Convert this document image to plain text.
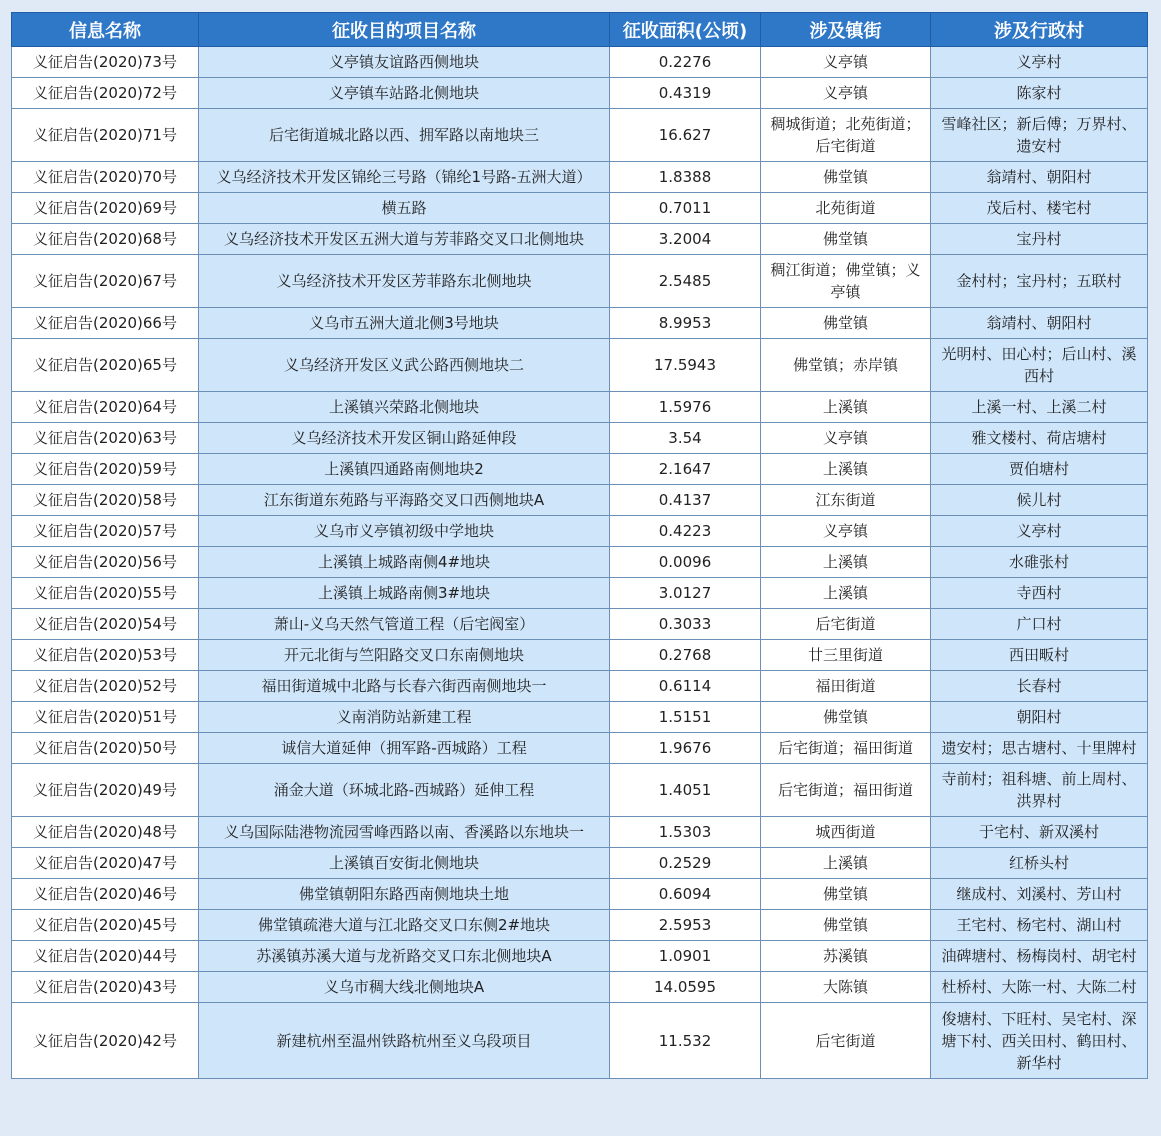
信息名称	征收目的项目名称	征收面积(公顷)	涉及镇街	涉及行政村
义征启告(2020)73号	义亭镇友谊路西侧地块	0.2276	义亭镇	义亭村
义征启告(2020)72号	义亭镇车站路北侧地块	0.4319	义亭镇	陈家村
义征启告(2020)71号	后宅街道城北路以西、拥军路以南地块三	16.627	稠城街道；北苑街道；后宅街道	雪峰社区；新后傅；万界村、遗安村
义征启告(2020)70号	义乌经济技术开发区锦纶三号路（锦纶1号路-五洲大道）	1.8388	佛堂镇	翁靖村、朝阳村
义征启告(2020)69号	横五路	0.7011	北苑街道	茂后村、楼宅村
义征启告(2020)68号	义乌经济技术开发区五洲大道与芳菲路交叉口北侧地块	3.2004	佛堂镇	宝丹村
义征启告(2020)67号	义乌经济技术开发区芳菲路东北侧地块	2.5485	稠江街道；佛堂镇；义亭镇	金村村；宝丹村；五联村
义征启告(2020)66号	义乌市五洲大道北侧3号地块	8.9953	佛堂镇	翁靖村、朝阳村
义征启告(2020)65号	义乌经济开发区义武公路西侧地块二	17.5943	佛堂镇；赤岸镇	光明村、田心村；后山村、溪西村
义征启告(2020)64号	上溪镇兴荣路北侧地块	1.5976	上溪镇	上溪一村、上溪二村
义征启告(2020)63号	义乌经济技术开发区铜山路延伸段	3.54	义亭镇	雅文楼村、荷店塘村
义征启告(2020)59号	上溪镇四通路南侧地块2	2.1647	上溪镇	贾伯塘村
义征启告(2020)58号	江东街道东苑路与平海路交叉口西侧地块A	0.4137	江东街道	候儿村
义征启告(2020)57号	义乌市义亭镇初级中学地块	0.4223	义亭镇	义亭村
义征启告(2020)56号	上溪镇上城路南侧4#地块	0.0096	上溪镇	水碓张村
义征启告(2020)55号	上溪镇上城路南侧3#地块	3.0127	上溪镇	寺西村
义征启告(2020)54号	萧山-义乌天然气管道工程（后宅阀室）	0.3033	后宅街道	广口村
义征启告(2020)53号	开元北街与竺阳路交叉口东南侧地块	0.2768	廿三里街道	西田畈村
义征启告(2020)52号	福田街道城中北路与长春六街西南侧地块一	0.6114	福田街道	长春村
义征启告(2020)51号	义南消防站新建工程	1.5151	佛堂镇	朝阳村
义征启告(2020)50号	诚信大道延伸（拥军路-西城路）工程	1.9676	后宅街道；福田街道	遗安村；思古塘村、十里牌村
义征启告(2020)49号	涌金大道（环城北路-西城路）延伸工程	1.4051	后宅街道；福田街道	寺前村；祖科塘、前上周村、洪界村
义征启告(2020)48号	义乌国际陆港物流园雪峰西路以南、香溪路以东地块一	1.5303	城西街道	于宅村、新双溪村
义征启告(2020)47号	上溪镇百安街北侧地块	0.2529	上溪镇	红桥头村
义征启告(2020)46号	佛堂镇朝阳东路西南侧地块土地	0.6094	佛堂镇	继成村、刘溪村、芳山村
义征启告(2020)45号	佛堂镇疏港大道与江北路交叉口东侧2#地块	2.5953	佛堂镇	王宅村、杨宅村、湖山村
义征启告(2020)44号	苏溪镇苏溪大道与龙祈路交叉口东北侧地块A	1.0901	苏溪镇	油碑塘村、杨梅岗村、胡宅村
义征启告(2020)43号	义乌市稠大线北侧地块A	14.0595	大陈镇	杜桥村、大陈一村、大陈二村
义征启告(2020)42号	新建杭州至温州铁路杭州至义乌段项目	11.532	后宅街道	俊塘村、下旺村、吴宅村、深塘下村、西关田村、鹤田村、新华村
